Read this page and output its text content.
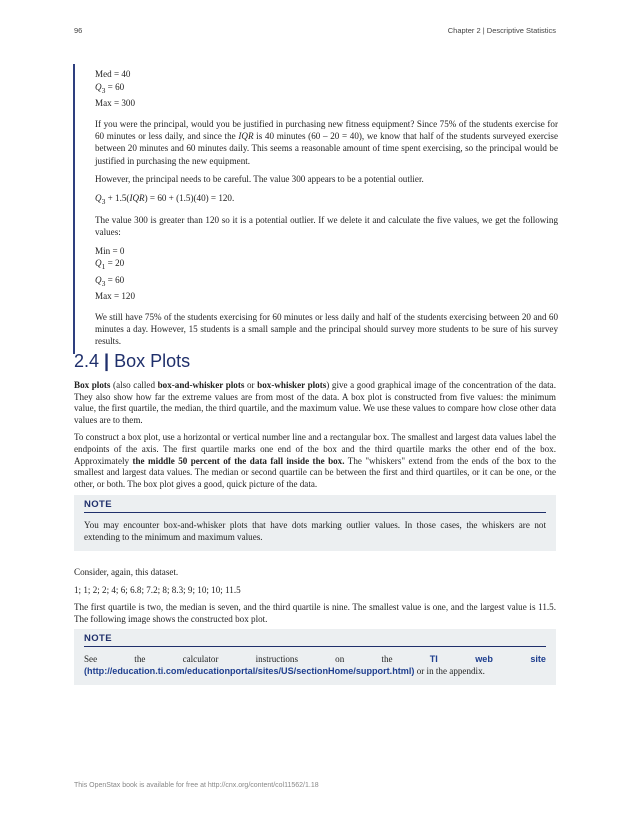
96	Chapter 2 | Descriptive Statistics
Med = 40
$Q_3 = 60$
Max = 300

If you were the principal, would you be justified in purchasing new fitness equipment? Since 75% of the students exercise for 60 minutes or less daily, and since the IQR is 40 minutes (60 – 20 = 40), we know that half of the students surveyed exercise between 20 minutes and 60 minutes daily. This seems a reasonable amount of time spent exercising, so the principal would be justified in purchasing the new equipment.

However, the principal needs to be careful. The value 300 appears to be a potential outlier.

$Q_3 + 1.5(IQR) = 60 + (1.5)(40) = 120$.

The value 300 is greater than 120 so it is a potential outlier. If we delete it and calculate the five values, we get the following values:

Min = 0
$Q_1 = 20$
$Q_3 = 60$
Max = 120

We still have 75% of the students exercising for 60 minutes or less daily and half of the students exercising between 20 and 60 minutes a day. However, 15 students is a small sample and the principal should survey more students to be sure of his survey results.

2.4 | Box Plots

Box plots (also called box-and-whisker plots or box-whisker plots) give a good graphical image of the concentration of the data. They also show how far the extreme values are from most of the data. A box plot is constructed from five values: the minimum value, the first quartile, the median, the third quartile, and the maximum value. We use these values to compare how close other data values are to them.

To construct a box plot, use a horizontal or vertical number line and a rectangular box. The smallest and largest data values label the endpoints of the axis. The first quartile marks one end of the box and the third quartile marks the other end of the box. Approximately the middle 50 percent of the data fall inside the box. The "whiskers" extend from the ends of the box to the smallest and largest data values. The median or second quartile can be between the first and third quartiles, or it can be one, or the other, or both. The box plot gives a good, quick picture of the data.

NOTE
You may encounter box-and-whisker plots that have dots marking outlier values. In those cases, the whiskers are not extending to the minimum and maximum values.

Consider, again, this dataset.

1; 1; 2; 2; 4; 6; 6.8; 7.2; 8; 8.3; 9; 10; 10; 11.5

The first quartile is two, the median is seven, and the third quartile is nine. The smallest value is one, and the largest value is 11.5. The following image shows the constructed box plot.

NOTE
See the calculator instructions on the TI web site (http://education.ti.com/educationportal/sites/US/sectionHome/support.html) or in the appendix.
This OpenStax book is available for free at http://cnx.org/content/col11562/1.18
